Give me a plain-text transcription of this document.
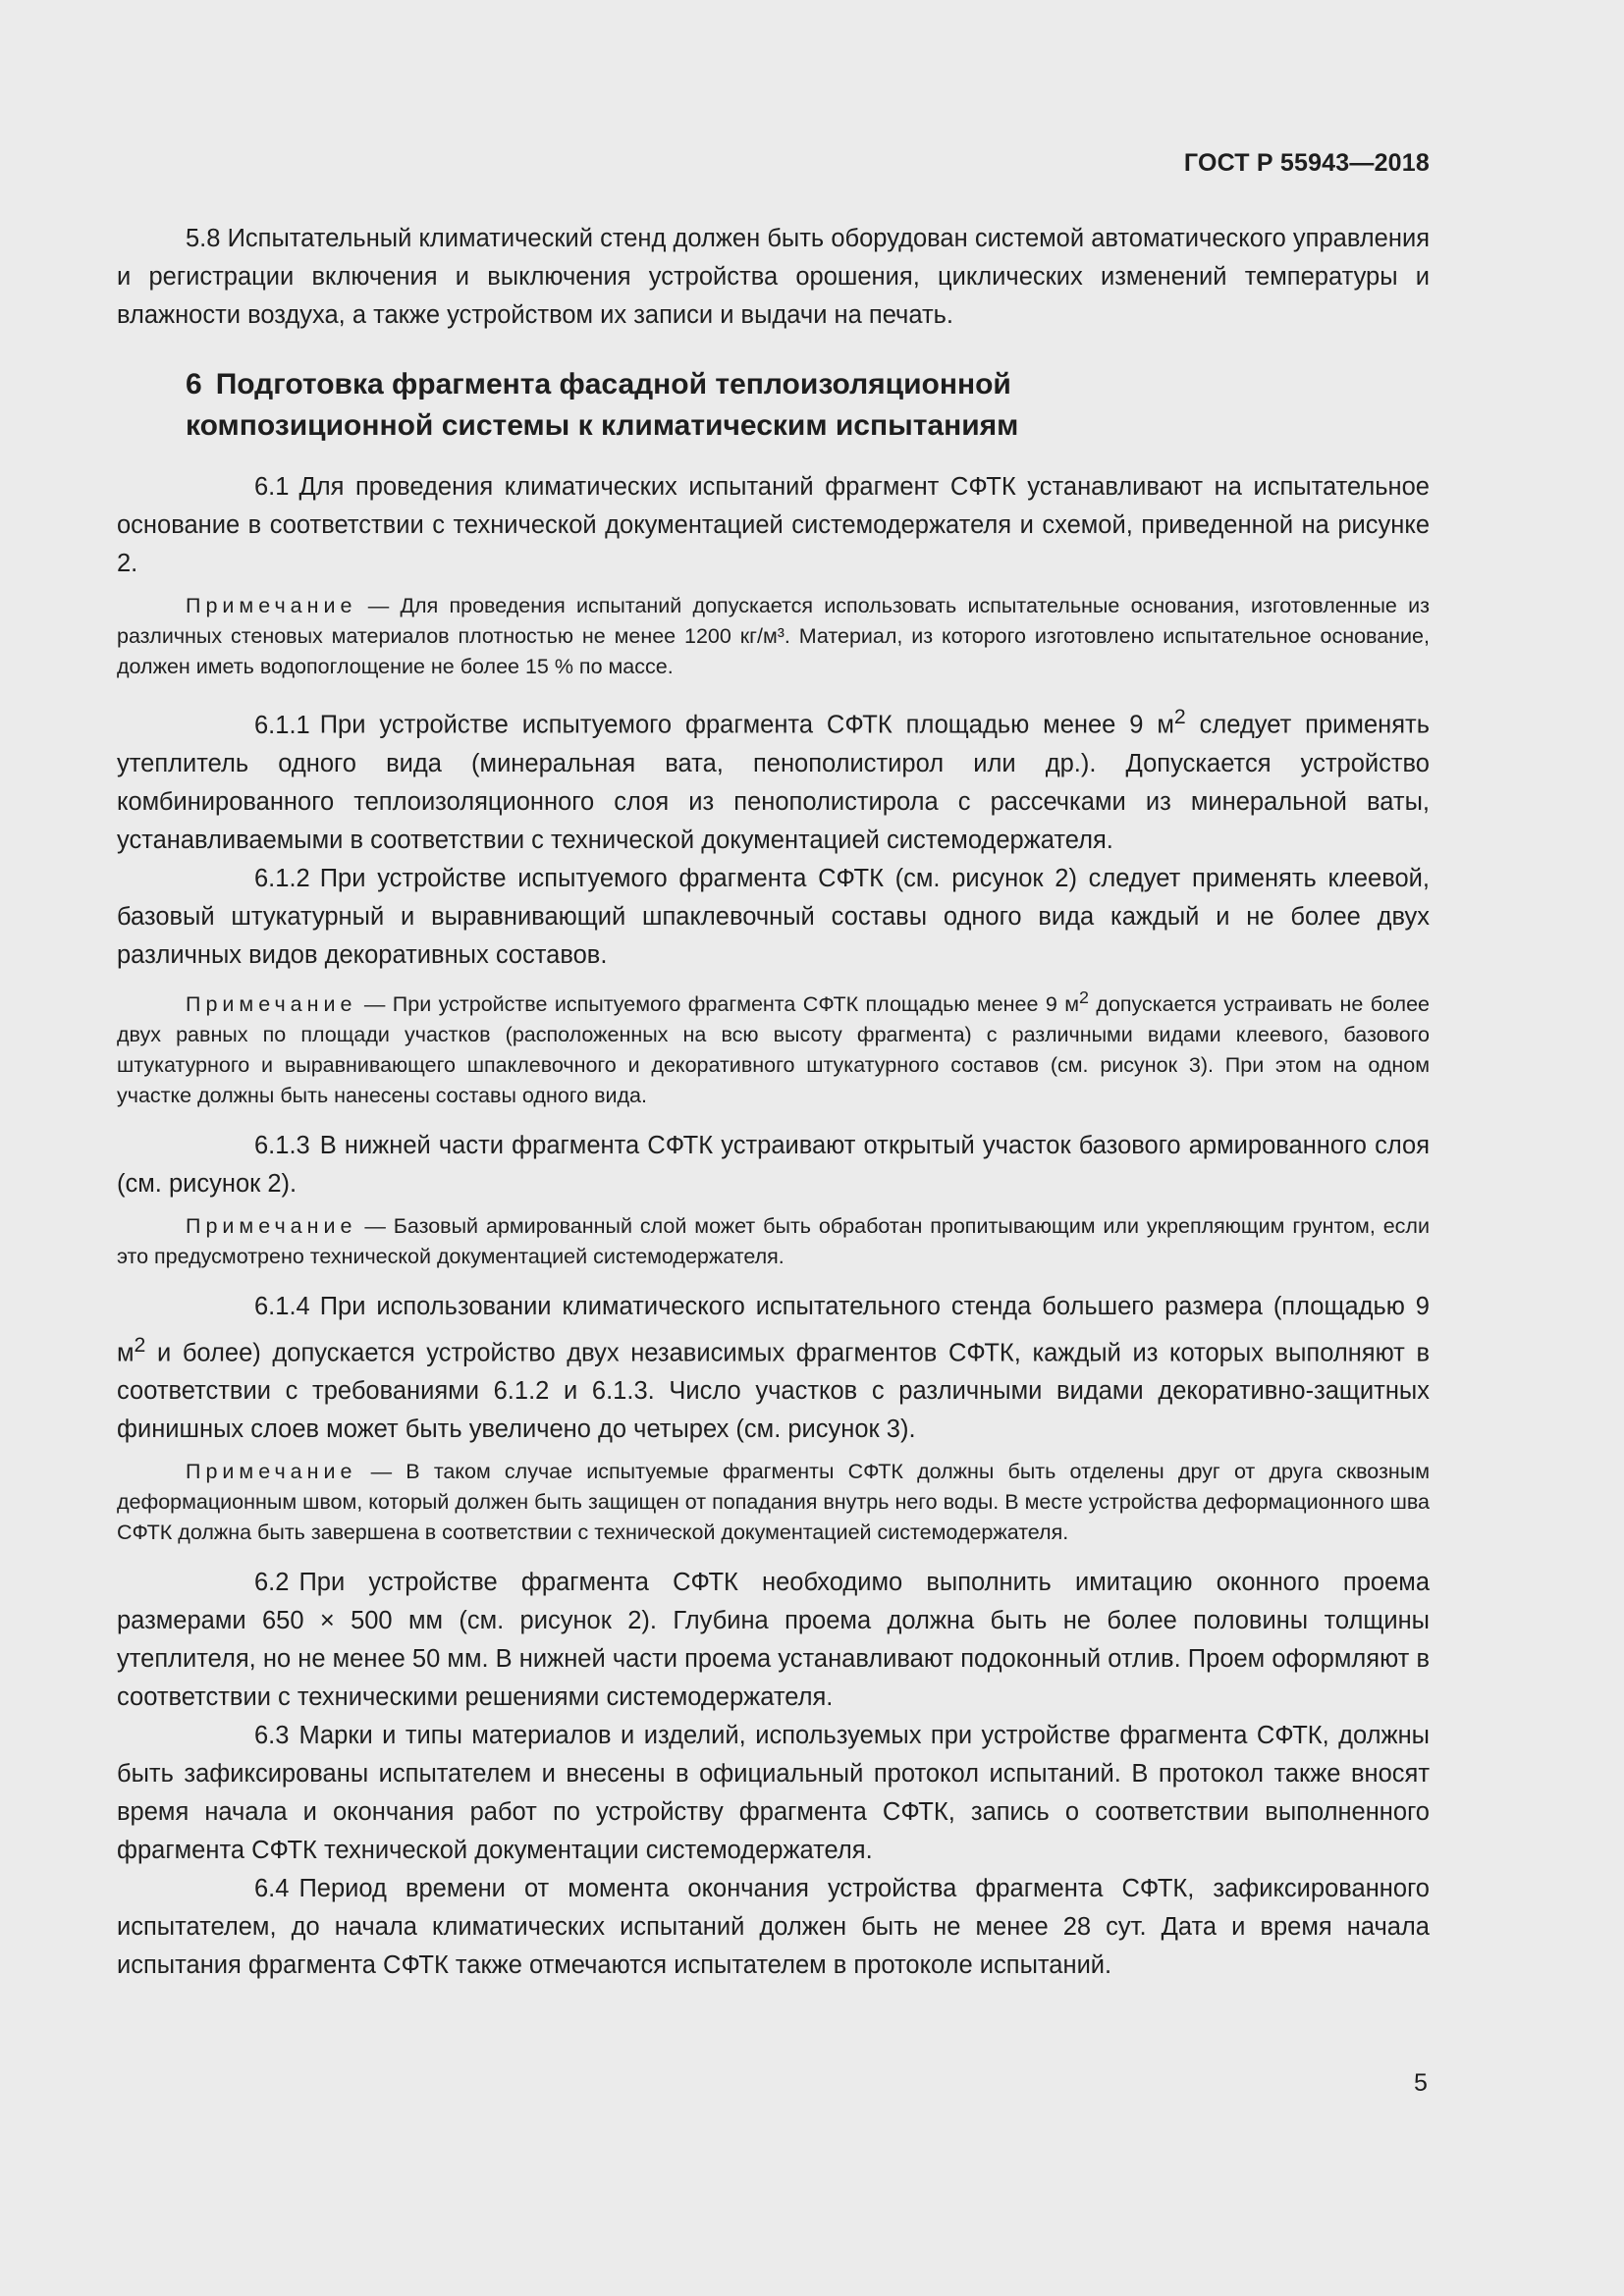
ГОСТ Р 55943—2018

5.8 Испытательный климатический стенд должен быть оборудован системой автоматического управления и регистрации включения и выключения устройства орошения, циклических изменений температуры и влажности воздуха, а также устройством их записи и выдачи на печать.

6 Подготовка фрагмента фасадной теплоизоляционной
композиционной системы к климатическим испытаниям

6.1 Для проведения климатических испытаний фрагмент СФТК устанавливают на испытательное основание в соответствии с технической документацией системодержателя и схемой, приведенной на рисунке 2.

Примечание — Для проведения испытаний допускается использовать испытательные основания, изготовленные из различных стеновых материалов плотностью не менее 1200 кг/м³. Материал, из которого изготовлено испытательное основание, должен иметь водопоглощение не более 15 % по массе.

6.1.1 При устройстве испытуемого фрагмента СФТК площадью менее 9 $м^2$ следует применять утеплитель одного вида (минеральная вата, пенополистирол или др.). Допускается устройство комбинированного теплоизоляционного слоя из пенополистирола с рассечками из минеральной ваты, устанавливаемыми в соответствии с технической документацией системодержателя.

6.1.2 При устройстве испытуемого фрагмента СФТК (см. рисунок 2) следует применять клеевой, базовый штукатурный и выравнивающий шпаклевочный составы одного вида каждый и не более двух различных видов декоративных составов.

Примечание — При устройстве испытуемого фрагмента СФТК площадью менее 9 $м^2$ допускается устраивать не более двух равных по площади участков (расположенных на всю высоту фрагмента) с различными видами клеевого, базового штукатурного и выравнивающего шпаклевочного и декоративного штукатурного составов (см. рисунок 3). При этом на одном участке должны быть нанесены составы одного вида.

6.1.3 В нижней части фрагмента СФТК устраивают открытый участок базового армированного слоя (см. рисунок 2).

Примечание — Базовый армированный слой может быть обработан пропитывающим или укрепляющим грунтом, если это предусмотрено технической документацией системодержателя.

6.1.4 При использовании климатического испытательного стенда большего размера (площадью 9 $м^2$ и более) допускается устройство двух независимых фрагментов СФТК, каждый из которых выполняют в соответствии с требованиями 6.1.2 и 6.1.3. Число участков с различными видами декоративно-защитных финишных слоев может быть увеличено до четырех (см. рисунок 3).

Примечание — В таком случае испытуемые фрагменты СФТК должны быть отделены друг от друга сквозным деформационным швом, который должен быть защищен от попадания внутрь него воды. В месте устройства деформационного шва СФТК должна быть завершена в соответствии с технической документацией системодержателя.

6.2 При устройстве фрагмента СФТК необходимо выполнить имитацию оконного проема размерами 650 × 500 мм (см. рисунок 2). Глубина проема должна быть не более половины толщины утеплителя, но не менее 50 мм. В нижней части проема устанавливают подоконный отлив. Проем оформляют в соответствии с техническими решениями системодержателя.

6.3 Марки и типы материалов и изделий, используемых при устройстве фрагмента СФТК, должны быть зафиксированы испытателем и внесены в официальный протокол испытаний. В протокол также вносят время начала и окончания работ по устройству фрагмента СФТК, запись о соответствии выполненного фрагмента СФТК технической документации системодержателя.

6.4 Период времени от момента окончания устройства фрагмента СФТК, зафиксированного испытателем, до начала климатических испытаний должен быть не менее 28 сут. Дата и время начала испытания фрагмента СФТК также отмечаются испытателем в протоколе испытаний.

5
